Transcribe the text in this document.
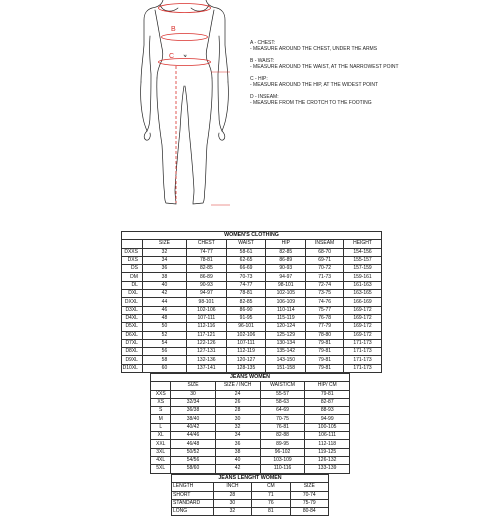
B
C
A - CHEST:
- MEASURE AROUND THE CHEST, UNDER THE ARMS
B - WAIST:
- MEASURE AROUND THE WAIST, AT THE NARROWEST POINT
C - HIP:
- MEASURE AROUND THE HIP, AT THE WIDEST POINT
D - INSEAM:
- MEASURE FROM THE CROTCH TO THE FOOTING
WOMEN'S CLOTHING						
	SIZE	CHEST	WAIST	HIP	INSEAM	HEIGHT
DXXS	32	74-77	58-61	82-85	68-70	154-156
DXS	34	78-81	62-65	86-89	69-71	155-157
DS	36	82-85	66-69	90-93	70-72	157-159
DM	38	86-89	70-73	94-97	71-73	159-161
DL	40	90-93	74-77	98-101	72-74	161-163
DXL	42	94-97	78-81	102-105	73-75	163-165
DXXL	44	98-101	82-85	106-109	74-76	166-169
D3XL	46	102-106	86-90	110-114	75-77	169-172
D4XL	48	107-111	91-95	115-119	76-78	169-172
D5XL	50	112-116	96-101	120-124	77-79	169-172
D6XL	52	117-121	102-106	125-129	78-80	169-172
D7XL	54	122-126	107-111	130-134	79-81	171-173
D8XL	56	127-131	112-119	135-142	79-81	171-173
D9XL	58	132-136	120-127	143-150	79-81	171-173
D10XL	60	137-141	128-135	151-158	79-81	171-173
JEANS WOMEN				
	SIZE	SIZE / INCH	WAIST/CM	HIP/ CM
XXS	30	24	55-57	79-81
XS	32/34	26	58-63	82-87
S	36/38	28	64-69	88-93
M	38/40	30	70-75	94-99
L	40/42	32	76-81	100-105
XL	44/46	34	82-88	106-111
XXL	46/48	36	89-95	112-118
3XL	50/52	38	96-102	119-125
4XL	54/56	40	103-109	126-132
5XL	58/60	42	110-116	133-139
JEANS LENGHT WOMEN			
LENGTH	INCH	CM	SIZE
SHORT	28	71	70-74
STANDARD	30	76	75-79
LONG	32	81	80-84
